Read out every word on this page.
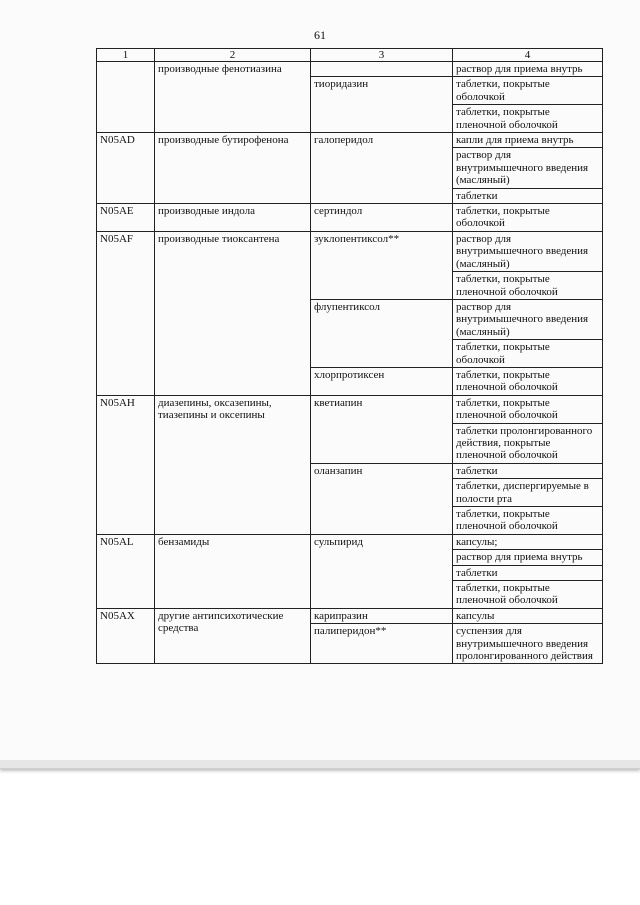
61
1	2	3	4
	производные фенотиазина		раствор для приема внутрь
		тиоридазин	таблетки, покрытые оболочкой
			таблетки, покрытые пленочной оболочкой
N05AD	производные бутирофенона	галоперидол	капли для приема внутрь
			раствор для внутримышечного введения (масляный)
			таблетки
N05AE	производные индола	сертиндол	таблетки, покрытые оболочкой
N05AF	производные тиоксантена	зуклопентиксол**	раствор для внутримышечного введения (масляный)
			таблетки, покрытые пленочной оболочкой
		флупентиксол	раствор для внутримышечного введения (масляный)
			таблетки, покрытые оболочкой
		хлорпротиксен	таблетки, покрытые пленочной оболочкой
N05AH	диазепины, оксазепины, тиазепины и оксепины	кветиапин	таблетки, покрытые пленочной оболочкой
			таблетки пролонгированного действия, покрытые пленочной оболочкой
		оланзапин	таблетки
			таблетки, диспергируемые в полости рта
			таблетки, покрытые пленочной оболочкой
N05AL	бензамиды	сульпирид	капсулы;
			раствор для приема внутрь
			таблетки
			таблетки, покрытые пленочной оболочкой
N05AX	другие антипсихотические средства	карипразин	капсулы
		палиперидон**	суспензия для внутримышечного введения пролонгированного действия
